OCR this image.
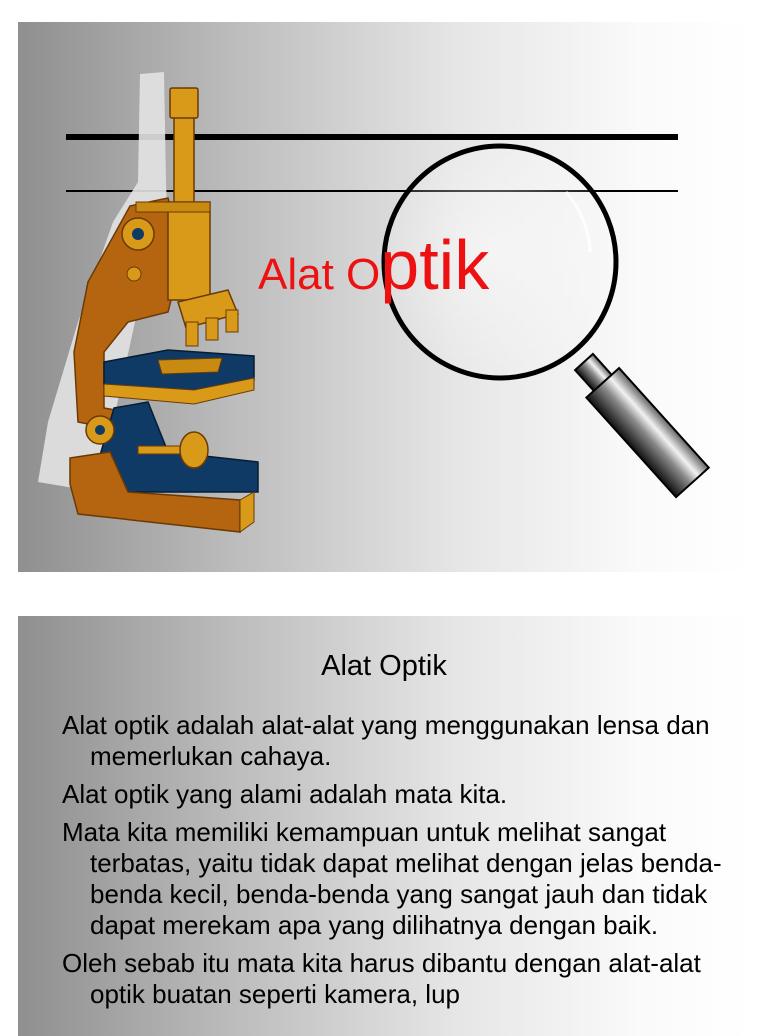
Alat Optik
Alat Optik
Alat optik adalah alat-alat yang menggunakan lensa dan memerlukan cahaya.
Alat optik yang alami adalah mata kita.
Mata kita memiliki kemampuan untuk melihat sangat terbatas, yaitu tidak dapat melihat dengan jelas benda-benda kecil, benda-benda yang sangat jauh dan tidak dapat merekam apa yang dilihatnya dengan baik.
Oleh sebab itu mata kita harus dibantu dengan alat-alat optik buatan seperti kamera, lup
